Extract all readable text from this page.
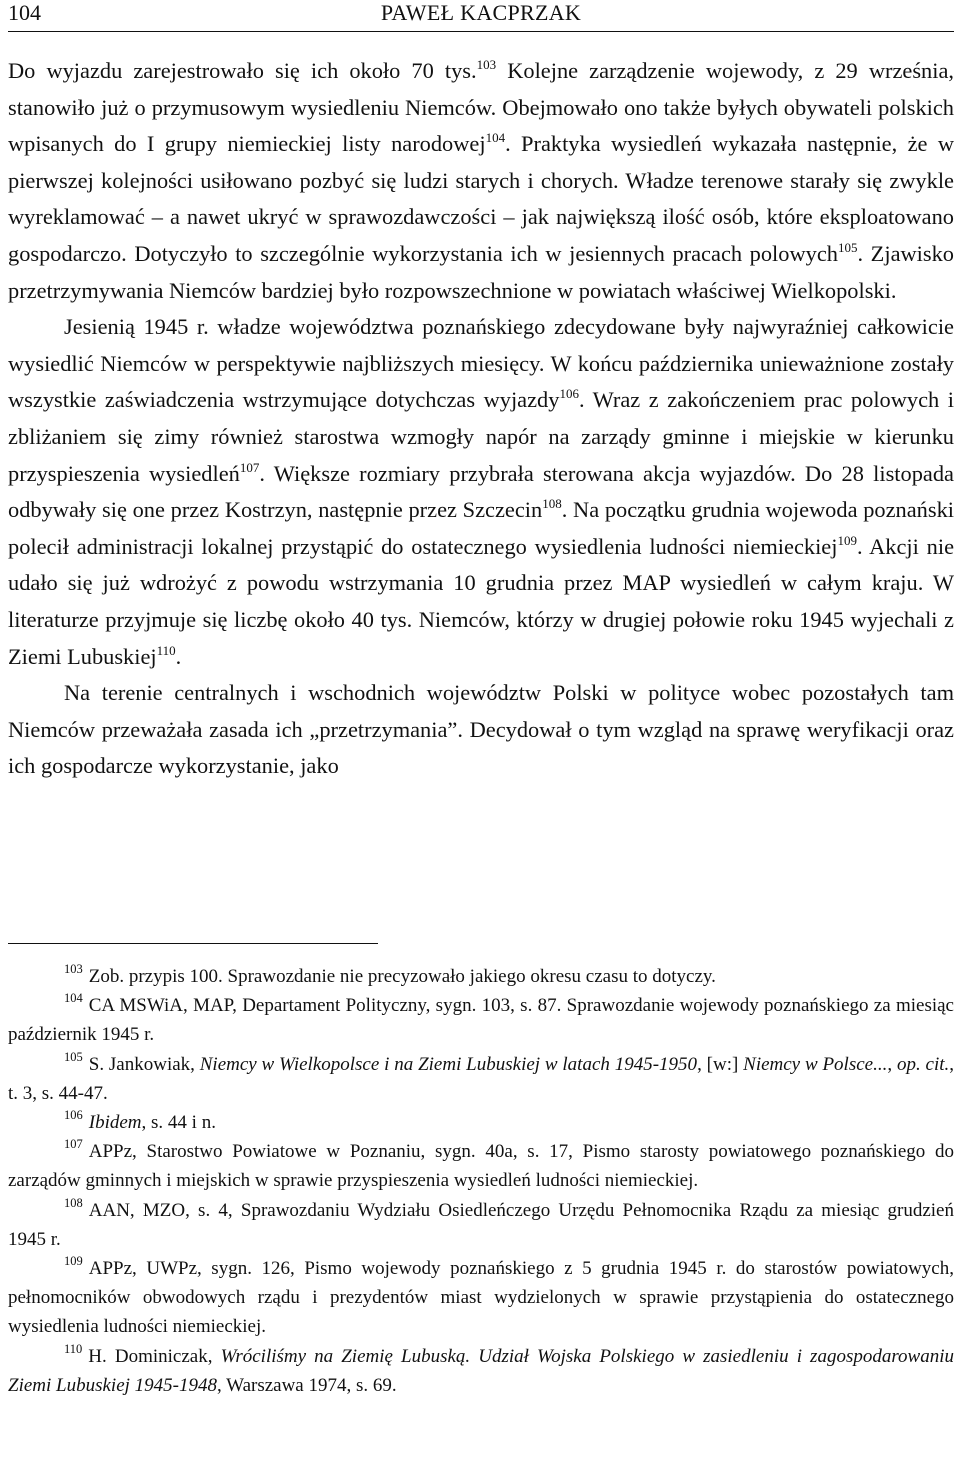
104	PAWEŁ KACPRZAK

Do wyjazdu zarejestrowało się ich około 70 tys.$^{103}$ Kolejne zarządzenie wojewody, z 29 września, stanowiło już o przymusowym wysiedleniu Niemców. Obejmowało ono także byłych obywateli polskich wpisanych do I grupy niemieckiej listy narodowej$^{104}$. Praktyka wysiedleń wykazała następnie, że w pierwszej kolejności usiłowano pozbyć się ludzi starych i chorych. Władze terenowe starały się zwykle wyreklamować – a nawet ukryć w sprawozdawczości – jak największą ilość osób, które eksploatowano gospodarczo. Dotyczyło to szczególnie wykorzystania ich w jesiennych pracach polowych$^{105}$. Zjawisko przetrzymywania Niemców bardziej było rozpowszechnione w powiatach właściwej Wielkopolski.

Jesienią 1945 r. władze województwa poznańskiego zdecydowane były najwyraźniej całkowicie wysiedlić Niemców w perspektywie najbliższych miesięcy. W końcu października unieważnione zostały wszystkie zaświadczenia wstrzymujące dotychczas wyjazdy$^{106}$. Wraz z zakończeniem prac polowych i zbliżaniem się zimy również starostwa wzmogły napór na zarządy gminne i miejskie w kierunku przyspieszenia wysiedleń$^{107}$. Większe rozmiary przybrała sterowana akcja wyjazdów. Do 28 listopada odbywały się one przez Kostrzyn, następnie przez Szczecin$^{108}$. Na początku grudnia wojewoda poznański polecił administracji lokalnej przystąpić do ostatecznego wysiedlenia ludności niemieckiej$^{109}$. Akcji nie udało się już wdrożyć z powodu wstrzymania 10 grudnia przez MAP wysiedleń w całym kraju. W literaturze przyjmuje się liczbę około 40 tys. Niemców, którzy w drugiej połowie roku 1945 wyjechali z Ziemi Lubuskiej$^{110}$.

Na terenie centralnych i wschodnich województw Polski w polityce wobec pozostałych tam Niemców przeważała zasada ich „przetrzymania”. Decydował o tym wzgląd na sprawę weryfikacji oraz ich gospodarcze wykorzystanie, jako

$^{103}$ Zob. przypis 100. Sprawozdanie nie precyzowało jakiego okresu czasu to dotyczy.

$^{104}$ CA MSWiA, MAP, Departament Polityczny, sygn. 103, s. 87. Sprawozdanie wojewody poznańskiego za miesiąc październik 1945 r.

$^{105}$ S. Jankowiak, Niemcy w Wielkopolsce i na Ziemi Lubuskiej w latach 1945-1950, [w:] Niemcy w Polsce..., op. cit., t. 3, s. 44-47.

$^{106}$ Ibidem, s. 44 i n.

$^{107}$ APPz, Starostwo Powiatowe w Poznaniu, sygn. 40a, s. 17, Pismo starosty powiatowego poznańskiego do zarządów gminnych i miejskich w sprawie przyspieszenia wysiedleń ludności niemieckiej.

$^{108}$ AAN, MZO, s. 4, Sprawozdaniu Wydziału Osiedleńczego Urzędu Pełnomocnika Rządu za miesiąc grudzień 1945 r.

$^{109}$ APPz, UWPz, sygn. 126, Pismo wojewody poznańskiego z 5 grudnia 1945 r. do starostów powiatowych, pełnomocników obwodowych rządu i prezydentów miast wydzielonych w sprawie przystąpienia do ostatecznego wysiedlenia ludności niemieckiej.

$^{110}$ H. Dominiczak, Wróciliśmy na Ziemię Lubuską. Udział Wojska Polskiego w zasiedleniu i zagospodarowaniu Ziemi Lubuskiej 1945-1948, Warszawa 1974, s. 69.
